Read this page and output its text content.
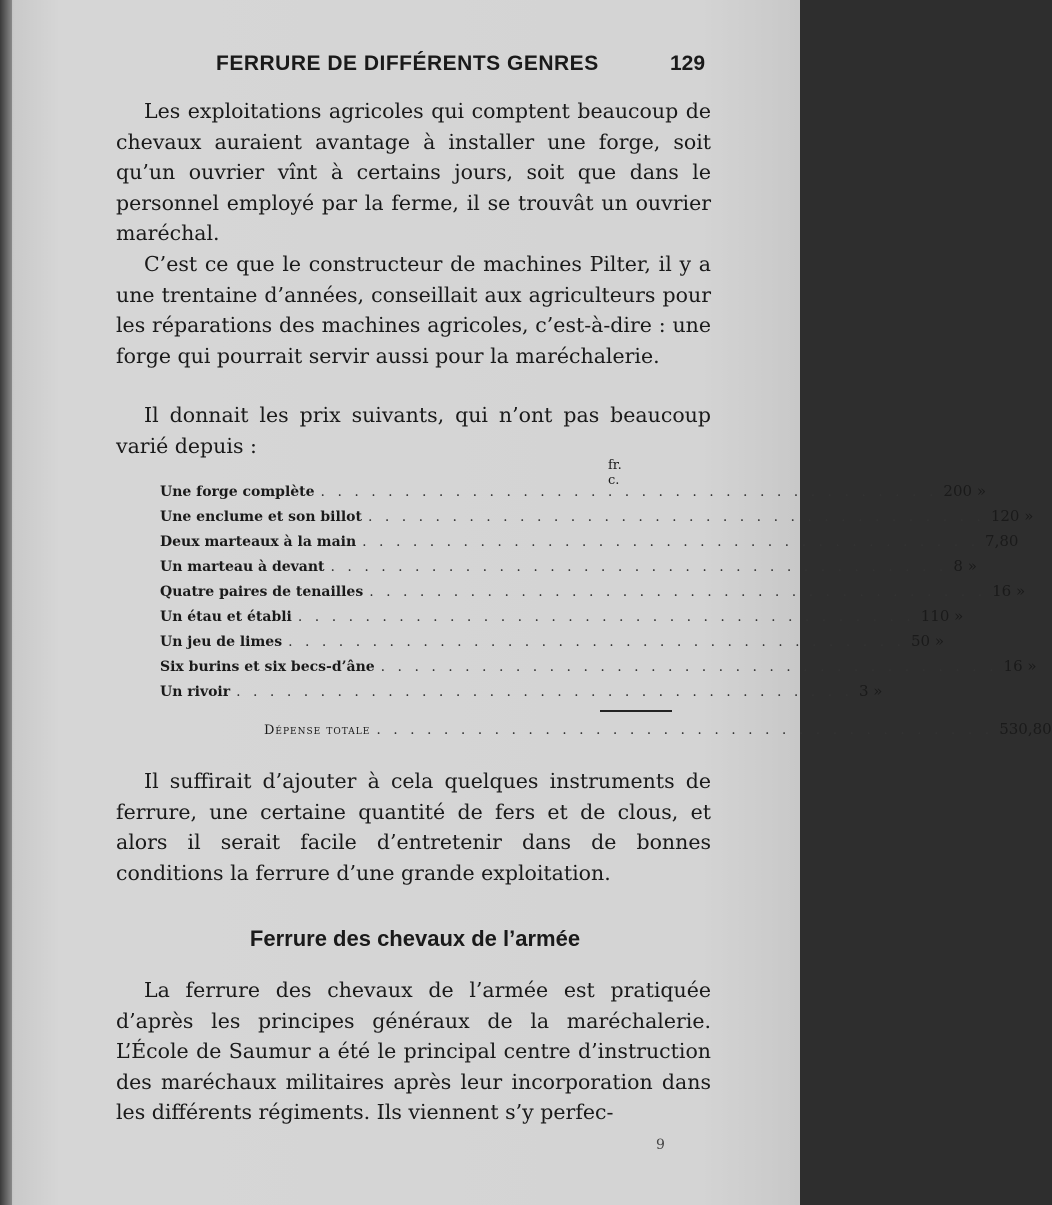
FERRURE DE DIFFÉRENTS GENRES	129

Les exploitations agricoles qui comptent beaucoup de chevaux auraient avantage à installer une forge, soit qu’un ouvrier vînt à certains jours, soit que dans le personnel employé par la ferme, il se trouvât un ouvrier maréchal.

C’est ce que le constructeur de machines Pilter, il y a une trentaine d’années, conseillait aux agriculteurs pour les réparations des machines agricoles, c’est-à-dire : une forge qui pourrait servir aussi pour la maréchalerie.

Il donnait les prix suivants, qui n’ont pas beaucoup varié depuis :

fr.c.
Une forge complète . . . . . . . . . . . . . . . . . . . . . . . . . . . . . . . . . . . . . 200 »
Une enclume et son billot . . . . . . . . . . . . . . . . . . . . . . . . . . . . . . . . . . . . . 120 »
Deux marteaux à la main . . . . . . . . . . . . . . . . . . . . . . . . . . . . . . . . . . . . . 7,80
Un marteau à devant . . . . . . . . . . . . . . . . . . . . . . . . . . . . . . . . . . . . . 8 »
Quatre paires de tenailles . . . . . . . . . . . . . . . . . . . . . . . . . . . . . . . . . . . . . 16 »
Un étau et établi . . . . . . . . . . . . . . . . . . . . . . . . . . . . . . . . . . . . . 110 »
Un jeu de limes . . . . . . . . . . . . . . . . . . . . . . . . . . . . . . . . . . . . . 50 »
Six burins et six becs-d’âne . . . . . . . . . . . . . . . . . . . . . . . . . . . . . . . . . . . . . 16 »
Un rivoir . . . . . . . . . . . . . . . . . . . . . . . . . . . . . . . . . . . . . 3 »
Dépense totale . . . . . . . . . . . . . . . . . . . . . . . . . . . . . . . . . . . . . 530,80

Il suffirait d’ajouter à cela quelques instruments de ferrure, une certaine quantité de fers et de clous, et alors il serait facile d’entretenir dans de bonnes conditions la ferrure d’une grande exploitation.

Ferrure des chevaux de l’armée

La ferrure des chevaux de l’armée est pratiquée d’après les principes généraux de la maréchalerie. L’École de Saumur a été le principal centre d’instruction des maréchaux militaires après leur incorporation dans les différents régiments. Ils viennent s’y perfec-

9
